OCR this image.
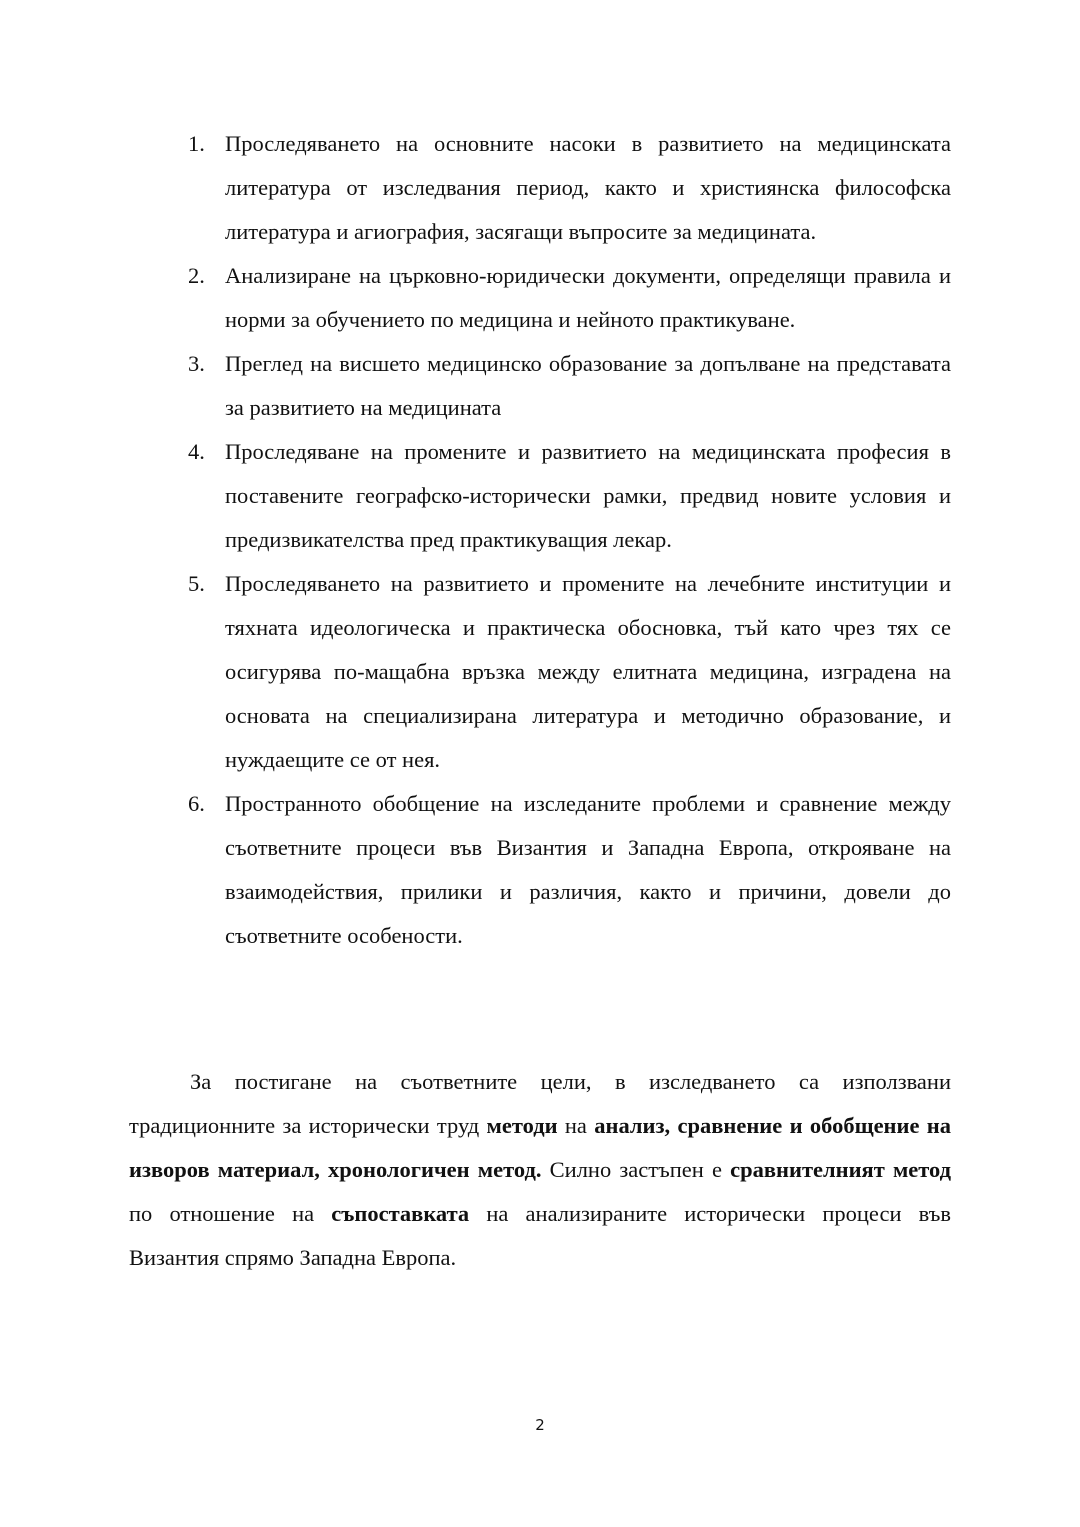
1. Проследяването на основните насоки в развитието на медицинската литература от изследвания период, както и християнска философска литература и агиография, засягащи въпросите за медицината.
2. Анализиране на църковно-юридически документи, определящи правила и норми за обучението по медицина и нейното практикуване.
3. Преглед на висшето медицинско образование за допълване на представата за развитието на медицината
4. Проследяване на промените и развитието на медицинската професия в поставените географско-исторически рамки, предвид новите условия и предизвикателства пред практикуващия лекар.
5. Проследяването на развитието и промените на лечебните институции и тяхната идеологическа и практическа обосновка, тъй като чрез тях се осигурява по-мащабна връзка между елитната медицина, изградена на основата на специализирана литература и методично образование, и нуждаещите се от нея.
6. Пространното обобщение на изследаните проблеми и сравнение между съответните процеси във Византия и Западна Европа, открояване на взаимодействия, прилики и различия, както и причини, довели до съответните особености.

За постигане на съответните цели, в изследването са използвани традиционните за исторически труд методи на анализ, сравнение и обобщение на изворов материал, хронологичен метод. Силно застъпен е сравнителният метод по отношение на съпоставката на анализираните исторически процеси във Византия спрямо Западна Европа.

2
